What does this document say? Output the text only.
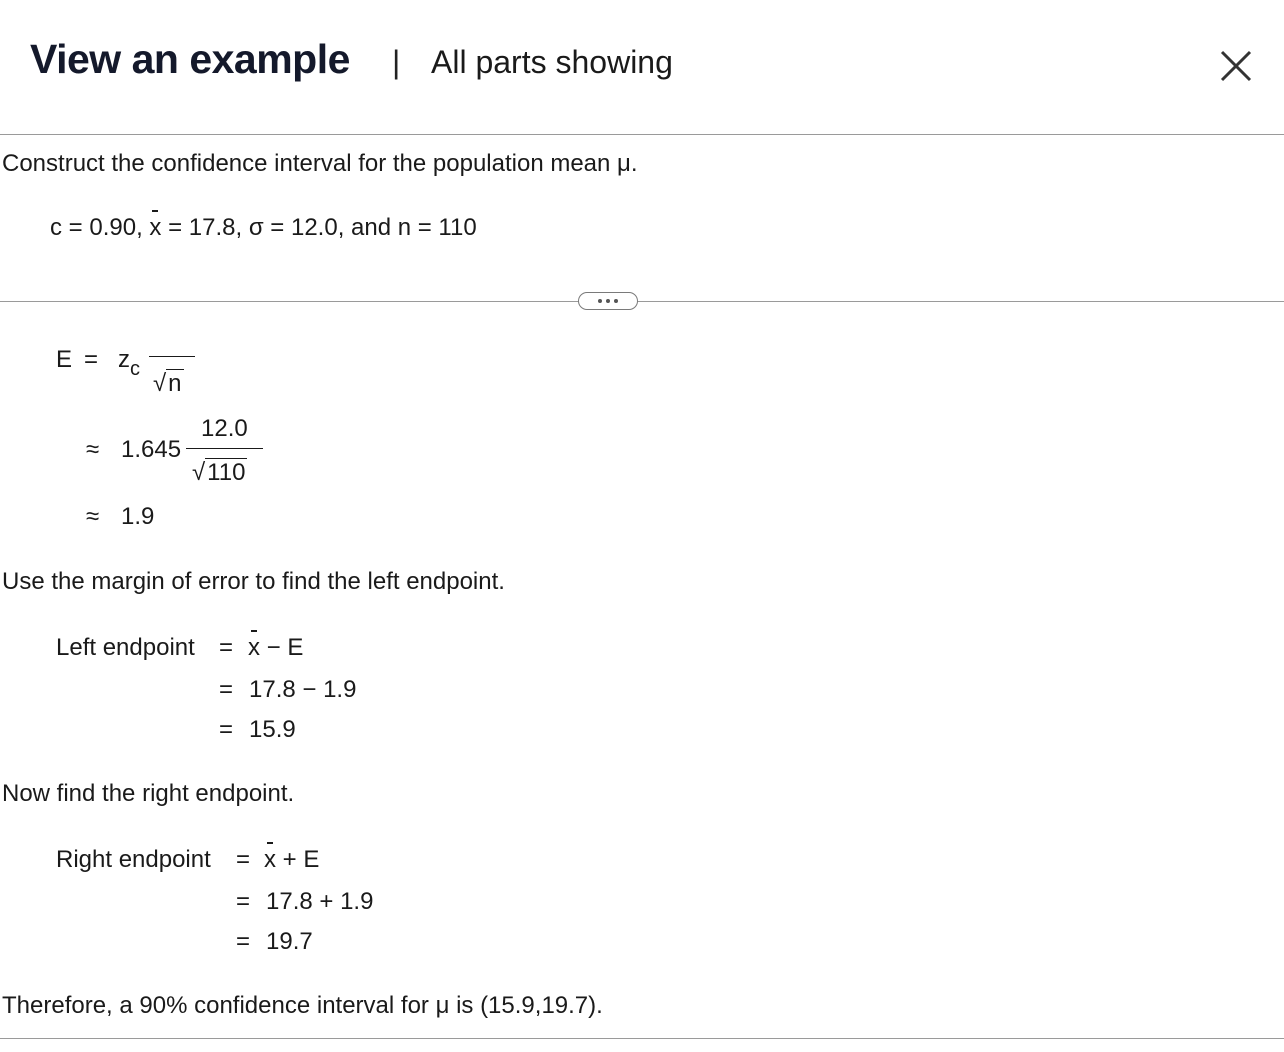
View an example | All parts showing
Construct the confidence interval for the population mean μ.
c = 0.90, x = 17.8, σ = 12.0, and n = 110
$E = z_c$
√n
≈ 1.645
12.0
√110
≈ 1.9
Use the margin of error to find the left endpoint.
Left endpoint = x − E
= 17.8 − 1.9
= 15.9
Now find the right endpoint.
Right endpoint = x + E
= 17.8 + 1.9
= 19.7
Therefore, a 90% confidence interval for μ is (15.9,19.7).
